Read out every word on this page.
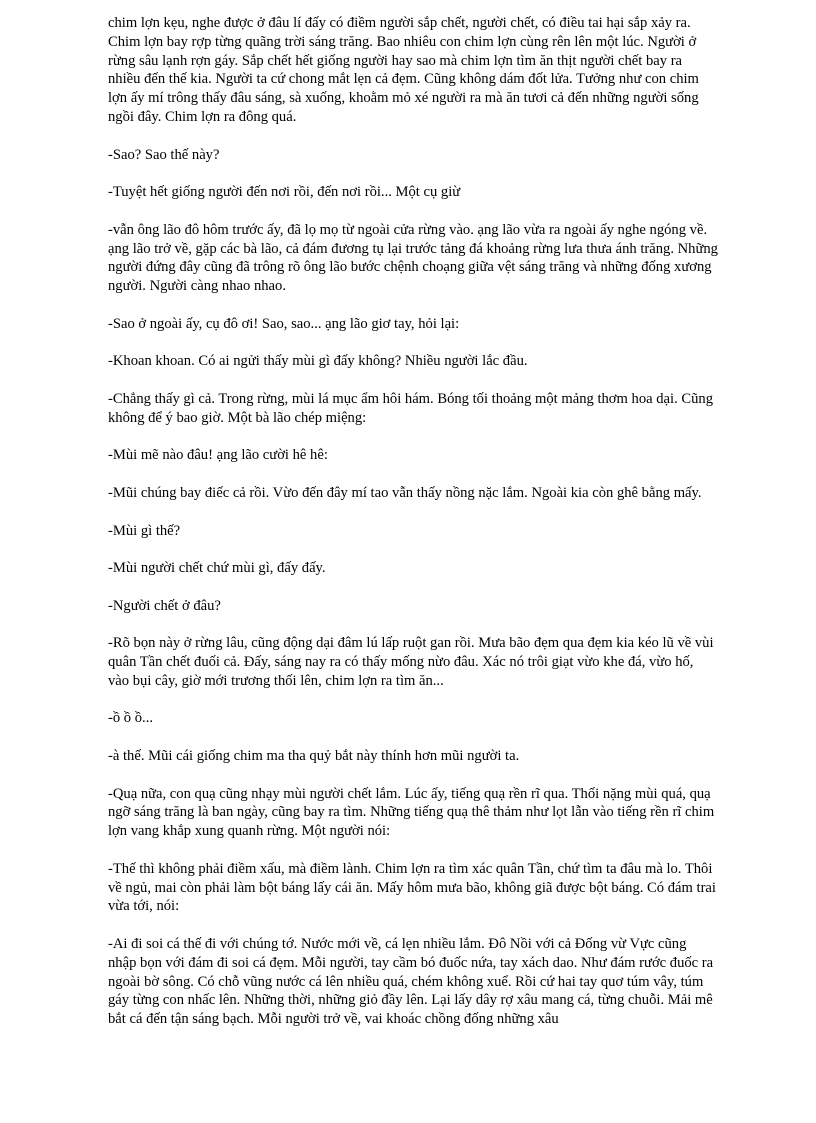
chim lợn kẹu, nghe được ở đâu lí đấy có điềm người sắp chết, người chết, có điều tai hại sắp xảy ra. Chim lợn bay rợp từng quãng trời sáng trăng. Bao nhiêu con chim lợn cùng rên lên một lúc. Người ở rừng sâu lạnh rợn gáy. Sắp chết hết giống người hay sao mà chim lợn tìm ăn thịt người chết bay ra nhiều đến thế kia. Người ta cứ chong mắt lẹn cả đẹm. Cũng không dám đốt lửa. Tưởng như con chim lợn ấy mí trông thấy đâu sáng, sà xuống, khoằm mỏ xé người ra mà ăn tươi cả đến những người sống ngồi đây. Chim lợn ra đông quá.

-Sao? Sao thế này?

-Tuyệt hết giống người đến nơi rồi, đến nơi rồi... Một cụ giừ

-vẫn ông lão đô hôm trước ấy, đã lọ mọ từ ngoài cửa rừng vào. ạng lão vừa ra ngoài ấy nghe ngóng về. ạng lão trở về, gặp các bà lão, cả đám đương tụ lại trước tảng đá khoảng rừng lưa thưa ánh trăng. Những người đứng đây cũng đã trông rõ ông lão bước chệnh choạng giữa vệt sáng trăng và những đống xương người. Người càng nhao nhao.

-Sao ở ngoài ấy, cụ đô ơi! Sao, sao... ạng lão giơ tay, hỏi lại:

-Khoan khoan. Có ai ngửi thấy mùi gì đấy không? Nhiều người lắc đầu.

-Chẳng thấy gì cả. Trong rừng, mùi lá mục ẩm hôi hám. Bóng tối thoảng một mảng thơm hoa dại. Cũng không để ý bao giờ. Một bà lão chép miệng:

-Mùi mẽ nào đâu! ạng lão cười hê hê:

-Mũi chúng bay điếc cả rồi. Vừo đến đây mí tao vẫn thấy nồng nặc lắm. Ngoài kia còn ghê bằng mấy.

-Mùi gì thế?

-Mùi người chết chứ mùi gì, đấy đấy.

-Người chết ở đâu?

-Rõ bọn này ở rừng lâu, cũng động dại đâm lú lấp ruột gan rồi. Mưa bão đẹm qua đẹm kia kéo lũ về vùi quân Tần chết đuối cả. Đấy, sáng nay ra có thấy mống nừo đâu. Xác nó trôi giạt vừo khe đá, vừo hố, vào bụi cây, giờ mới trương thối lên, chim lợn ra tìm ăn...

-ồ ồ ồ...

-à thế. Mũi cái giống chim ma tha quỷ bắt này thính hơn mũi người ta.

-Quạ nữa, con quạ cũng nhạy mùi người chết lắm. Lúc ấy, tiếng quạ rền rĩ qua. Thối nặng mùi quá, quạ ngỡ sáng trăng là ban ngày, cũng bay ra tìm. Những tiếng quạ thê thảm như lọt lẫn vào tiếng rền rĩ chim lợn vang khắp xung quanh rừng. Một người nói:

-Thế thì không phải điềm xấu, mà điềm lành. Chim lợn ra tìm xác quân Tần, chứ tìm ta đâu mà lo. Thôi về ngủ, mai còn phải làm bột báng lấy cái ăn. Mấy hôm mưa bão, không giã được bột báng. Có đám trai vừa tới, nói:

-Ai đi soi cá thế đi với chúng tớ. Nước mới về, cá lẹn nhiều lắm. Đô Nồi với cả Đống vừ Vực cũng nhập bọn với đám đi soi cá đẹm. Mỗi người, tay cầm bó đuốc nứa, tay xách dao. Như đám rước đuốc ra ngoài bờ sông. Có chỗ vũng nước cá lên nhiều quá, chém không xuể. Rồi cứ hai tay quơ túm vây, túm gáy từng con nhấc lên. Những thời, những giỏ đầy lên. Lại lấy dây rợ xâu mang cá, từng chuỗi. Mải mê bắt cá đến tận sáng bạch. Mỗi người trở về, vai khoác chồng đống những xâu
